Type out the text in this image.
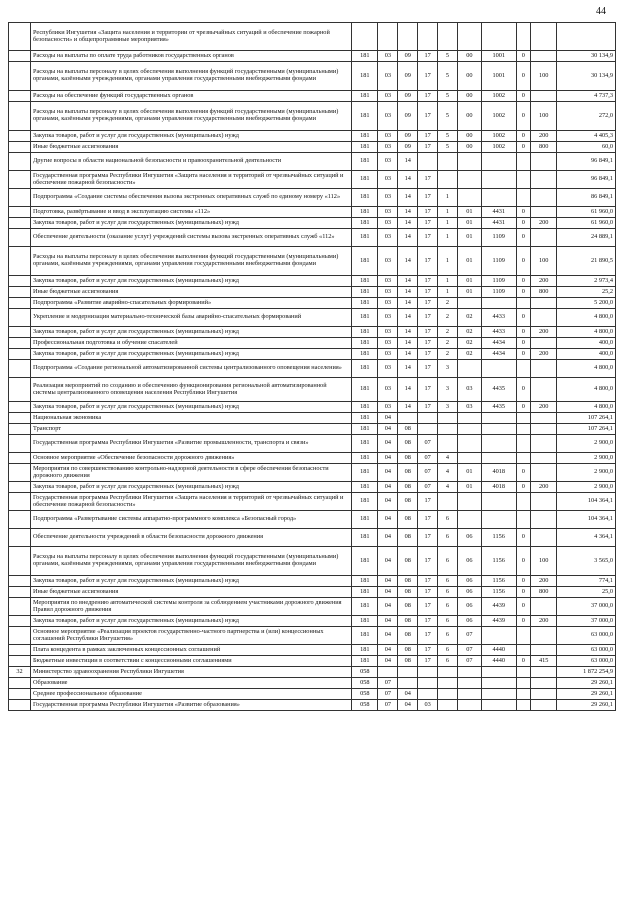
44
	Республики Ингушетия «Защита населения и территории от чрезвычайных ситуаций и обеспечение пожарной безопасности» и общепрограммные мероприятия»										
	Расходы на выплаты по оплате труда работников государственных органов	181	03	09	17	5	00	1001	0		30 134,9
	Расходы на выплаты персоналу в целях обеспечения выполнения функций государственными (муниципальными) органами, казёнными учреждениями, органами управления государственными внебюджетными фондами	181	03	09	17	5	00	1001	0	100	30 134,9
	Расходы на обеспечение функций государственных органов	181	03	09	17	5	00	1002	0		4 737,3
	Расходы на выплаты персоналу в целях обеспечения выполнения функций государственными (муниципальными) органами, казёнными учреждениями, органами управления государственными внебюджетными фондами	181	03	09	17	5	00	1002	0	100	272,0
	Закупка товаров, работ и услуг для государственных (муниципальных) нужд	181	03	09	17	5	00	1002	0	200	4 405,3
	Иные бюджетные ассигнования	181	03	09	17	5	00	1002	0	800	60,0
	Другие вопросы в области национальной безопасности и правоохранительной деятельности	181	03	14							96 849,1
	Государственная программа Республики Ингушетия «Защита населения и территорий от чрезвычайных ситуаций и обеспечение пожарной безопасности»	181	03	14	17						96 849,1
	Подпрограмма «Создание системы обеспечения вызова экстренных оперативных служб по единому номеру «112»	181	03	14	17	1					86 849,1
	Подготовка, развёртывание и ввод в эксплуатацию системы «112»	181	03	14	17	1	01	4431	0		61 960,0
	Закупка товаров, работ и услуг для государственных (муниципальных) нужд	181	03	14	17	1	01	4431	0	200	61 960,0
	Обеспечение деятельности (оказание услуг) учреждений системы вызова экстренных оперативных служб «112»	181	03	14	17	1	01	1109	0		24 889,1
	Расходы на выплаты персоналу в целях обеспечения выполнения функций государственными (муниципальными) органами, казёнными учреждениями, органами управления государственными внебюджетными фондами	181	03	14	17	1	01	1109	0	100	21 890,5
	Закупка товаров, работ и услуг для государственных (муниципальных) нужд	181	03	14	17	1	01	1109	0	200	2 973,4
	Иные бюджетные ассигнования	181	03	14	17	1	01	1109	0	800	25,2
	Подпрограмма «Развитие аварийно-спасательных формирований»	181	03	14	17	2					5 200,0
	Укрепление и модернизация материально-технической базы аварийно-спасательных формирований	181	03	14	17	2	02	4433	0		4 800,0
	Закупка товаров, работ и услуг для государственных (муниципальных) нужд	181	03	14	17	2	02	4433	0	200	4 800,0
	Профессиональная подготовка и обучение спасателей	181	03	14	17	2	02	4434	0		400,0
	Закупка товаров, работ и услуг для государственных (муниципальных) нужд	181	03	14	17	2	02	4434	0	200	400,0
	Подпрограмма «Создание региональной автоматизированной системы централизованного оповещения населения»	181	03	14	17	3					4 800,0
	Реализация мероприятий по созданию и обеспечению функционирования региональной автоматизированной системы централизованного оповещения населения Республики Ингушетия	181	03	14	17	3	03	4435	0		4 800,0
	Закупка товаров, работ и услуг для государственных (муниципальных) нужд	181	03	14	17	3	03	4435	0	200	4 800,0
	Национальная экономика	181	04								107 264,1
	Транспорт	181	04	08							107 264,1
	Государственная программа Республики Ингушетия «Развитие промышленности, транспорта и связи»	181	04	08	07						2 900,0
	Основное мероприятие «Обеспечение безопасности дорожного движения»	181	04	08	07	4					2 900,0
	Мероприятия по совершенствованию контрольно-надзорной деятельности в сфере обеспечения безопасности дорожного движения	181	04	08	07	4	01	4018	0		2 900,0
	Закупка товаров, работ и услуг для государственных (муниципальных) нужд	181	04	08	07	4	01	4018	0	200	2 900,0
	Государственная программа Республики Ингушетия «Защита населения и территорий от чрезвычайных ситуаций и обеспечение пожарной безопасности»	181	04	08	17						104 364,1
	Подпрограмма «Развертывание системы аппаратно-программного комплекса «Безопасный город»	181	04	08	17	6					104 364,1
	Обеспечение деятельности учреждений в области безопасности дорожного движения	181	04	08	17	6	06	1156	0		4 364,1
	Расходы на выплаты персоналу в целях обеспечения выполнения функций государственными (муниципальными) органами, казёнными учреждениями, органами управления государственными внебюджетными фондами	181	04	08	17	6	06	1156	0	100	3 565,0
	Закупка товаров, работ и услуг для государственных (муниципальных) нужд	181	04	08	17	6	06	1156	0	200	774,1
	Иные бюджетные ассигнования	181	04	08	17	6	06	1156	0	800	25,0
	Мероприятия по внедрению автоматической системы контроля за соблюдением участниками дорожного движения Правил дорожного движения	181	04	08	17	6	06	4439	0		37 000,0
	Закупка товаров, работ и услуг для государственных (муниципальных) нужд	181	04	08	17	6	06	4439	0	200	37 000,0
	Основное мероприятие «Реализация проектов государственно-частного партнерства и (или) концессионных соглашений Республики Ингушетия»	181	04	08	17	6	07				63 000,0
	Плата концедента в рамках заключенных концессионных соглашений	181	04	08	17	6	07	4440			63 000,0
	Бюджетные инвестиции в соответствии с концессионными соглашениями	181	04	08	17	6	07	4440	0	415	63 000,0
32	Министерство здравоохранения Республики Ингушетия	058									1 872 254,9
	Образование	058	07								29 260,1
	Среднее профессиональное образование	058	07	04							29 260,1
	Государственная программа Республики Ингушетия «Развитие образования»	058	07	04	03						29 260,1
